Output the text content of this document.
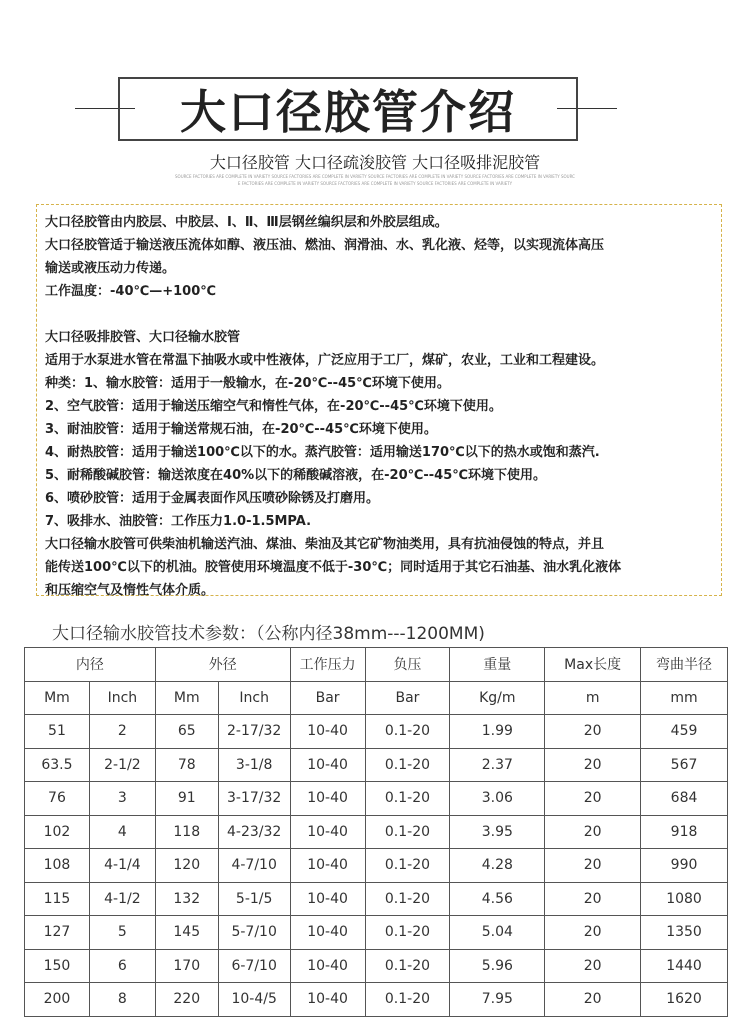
大口径胶管介绍
大口径胶管 大口径疏浚胶管 大口径吸排泥胶管
SOURCE FACTORIES ARE COMPLETE IN VARIETY SOURCE FACTORIES ARE COMPLETE IN VARIETY SOURCE FACTORIES ARE COMPLETE IN VARIETY SOURCE FACTORIES ARE COMPLETE IN VARIETY SOURC
E FACTORIES ARE COMPLETE IN VARIETY SOURCE FACTORIES ARE COMPLETE IN VARIETY SOURCE FACTORIES ARE COMPLETE IN VARIETY

大口径胶管由内胶层、中胶层、Ⅰ、Ⅱ、Ⅲ层钢丝编织层和外胶层组成。

大口径胶管适于输送液压流体如醇、液压油、燃油、润滑油、水、乳化液、烃等，以实现流体高压

输送或液压动力传递。

工作温度：-40℃—+100℃

大口径吸排胶管、大口径输水胶管

适用于水泵进水管在常温下抽吸水或中性液体，广泛应用于工厂，煤矿，农业，工业和工程建设。

种类：1、输水胶管：适用于一般输水，在-20℃--45℃环境下使用。

2、空气胶管：适用于输送压缩空气和惰性气体，在-20℃--45℃环境下使用。

3、耐油胶管：适用于输送常规石油，在-20℃--45℃环境下使用。

4、耐热胶管：适用于输送100℃以下的水。蒸汽胶管：适用输送170℃以下的热水或饱和蒸汽.

5、耐稀酸碱胶管：输送浓度在40%以下的稀酸碱溶液，在-20℃--45℃环境下使用。

6、喷砂胶管：适用于金属表面作风压喷砂除锈及打磨用。

7、吸排水、油胶管：工作压力1.0-1.5MPA.

大口径输水胶管可供柴油机输送汽油、煤油、柴油及其它矿物油类用，具有抗油侵蚀的特点，并且

能传送100℃以下的机油。胶管使用环境温度不低于-30℃；同时适用于其它石油基、油水乳化液体

和压缩空气及惰性气体介质。

大口径输水胶管技术参数：（公称内径38mm---1200MM)
内径		外径		工作压力	负压	重量	Max长度	弯曲半径
Mm	Inch	Mm	Inch	Bar	Bar	Kg/m	m	mm
51	2	65	2-17/32	10-40	0.1-20	1.99	20	459
63.5	2-1/2	78	3-1/8	10-40	0.1-20	2.37	20	567
76	3	91	3-17/32	10-40	0.1-20	3.06	20	684
102	4	118	4-23/32	10-40	0.1-20	3.95	20	918
108	4-1/4	120	4-7/10	10-40	0.1-20	4.28	20	990
115	4-1/2	132	5-1/5	10-40	0.1-20	4.56	20	1080
127	5	145	5-7/10	10-40	0.1-20	5.04	20	1350
150	6	170	6-7/10	10-40	0.1-20	5.96	20	1440
200	8	220	10-4/5	10-40	0.1-20	7.95	20	1620
